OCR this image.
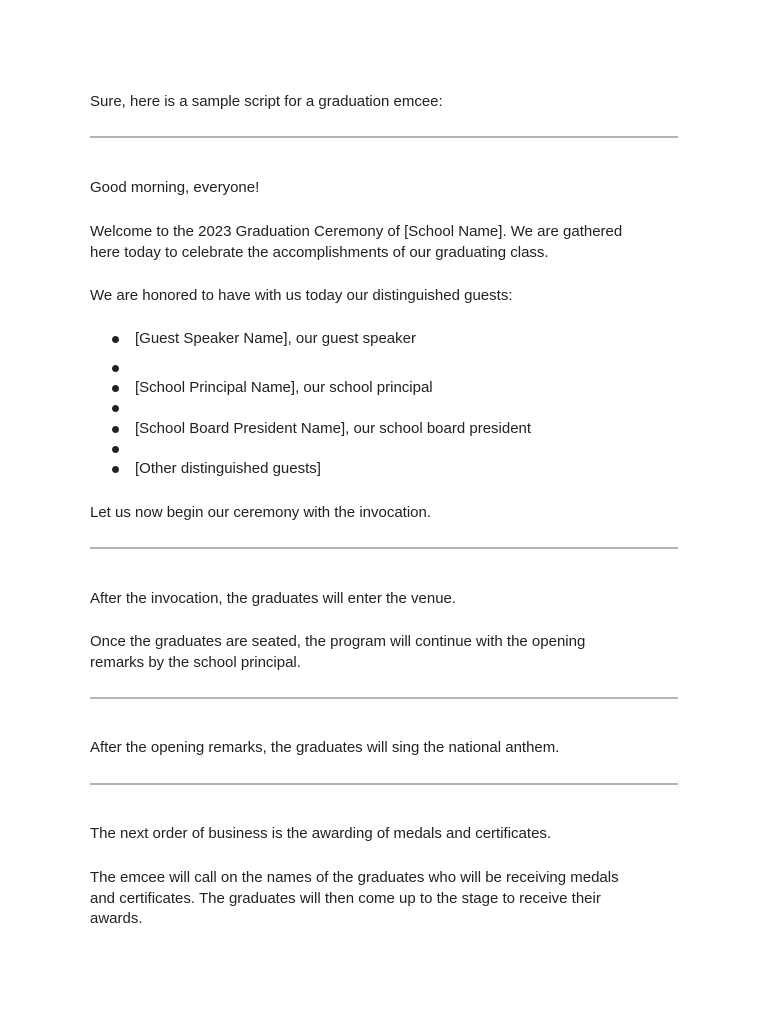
Sure, here is a sample script for a graduation emcee:

Good morning, everyone!

Welcome to the 2023 Graduation Ceremony of [School Name]. We are gathered here today to celebrate the accomplishments of our graduating class.

We are honored to have with us today our distinguished guests:

[Guest Speaker Name], our guest speaker
[School Principal Name], our school principal
[School Board President Name], our school board president
[Other distinguished guests]

Let us now begin our ceremony with the invocation.

After the invocation, the graduates will enter the venue.

Once the graduates are seated, the program will continue with the opening remarks by the school principal.

After the opening remarks, the graduates will sing the national anthem.

The next order of business is the awarding of medals and certificates.

The emcee will call on the names of the graduates who will be receiving medals and certificates. The graduates will then come up to the stage to receive their awards.
